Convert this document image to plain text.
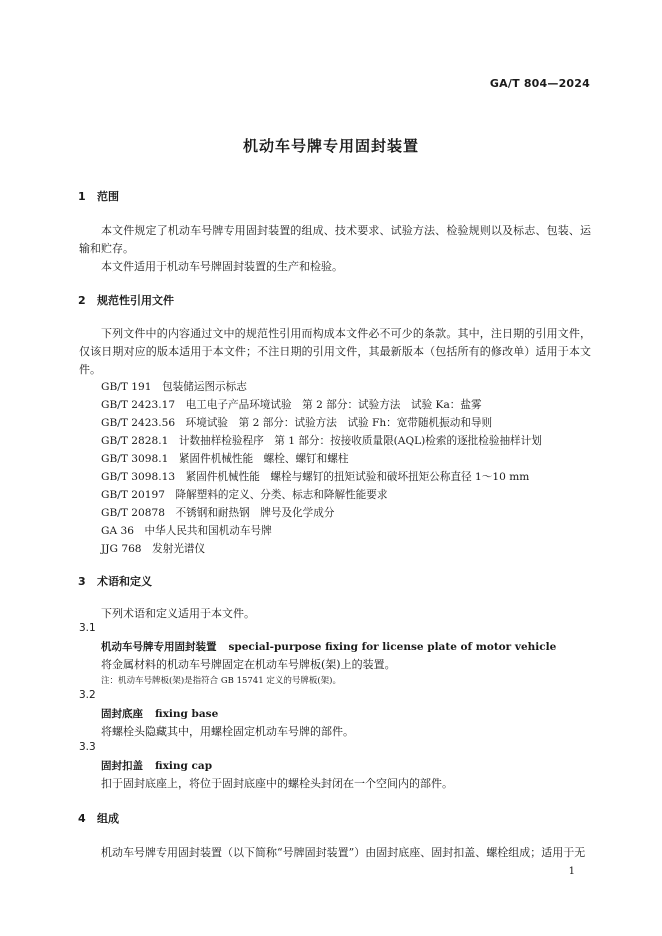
GA/T 804—2024
机动车号牌专用固封装置
1 范围
本文件规定了机动车号牌专用固封装置的组成、技术要求、试验方法、检验规则以及标志、包装、运输和贮存。
本文件适用于机动车号牌固封装置的生产和检验。
2 规范性引用文件
下列文件中的内容通过文中的规范性引用而构成本文件必不可少的条款。其中，注日期的引用文件，仅该日期对应的版本适用于本文件；不注日期的引用文件，其最新版本（包括所有的修改单）适用于本文件。
GB/T 191　包装储运图示标志
GB/T 2423.17　电工电子产品环境试验　第 2 部分：试验方法　试验 Ka：盐雾
GB/T 2423.56　环境试验　第 2 部分：试验方法　试验 Fh：宽带随机振动和导则
GB/T 2828.1　计数抽样检验程序　第 1 部分：按接收质量限(AQL)检索的逐批检验抽样计划
GB/T 3098.1　紧固件机械性能　螺栓、螺钉和螺柱
GB/T 3098.13　紧固件机械性能　螺栓与螺钉的扭矩试验和破坏扭矩公称直径 1～10 mm
GB/T 20197　降解塑料的定义、分类、标志和降解性能要求
GB/T 20878　不锈钢和耐热钢　牌号及化学成分
GA 36　中华人民共和国机动车号牌
JJG 768　发射光谱仪
3 术语和定义
下列术语和定义适用于本文件。
3.1
机动车号牌专用固封装置 special-purpose fixing for license plate of motor vehicle
将金属材料的机动车号牌固定在机动车号牌板(架)上的装置。
注：机动车号牌板(架)是指符合 GB 15741 定义的号牌板(架)。
3.2
固封底座 fixing base
将螺栓头隐藏其中，用螺栓固定机动车号牌的部件。
3.3
固封扣盖 fixing cap
扣于固封底座上，将位于固封底座中的螺栓头封闭在一个空间内的部件。
4 组成
机动车号牌专用固封装置（以下简称“号牌固封装置”）由固封底座、固封扣盖、螺栓组成；适用于无
1
